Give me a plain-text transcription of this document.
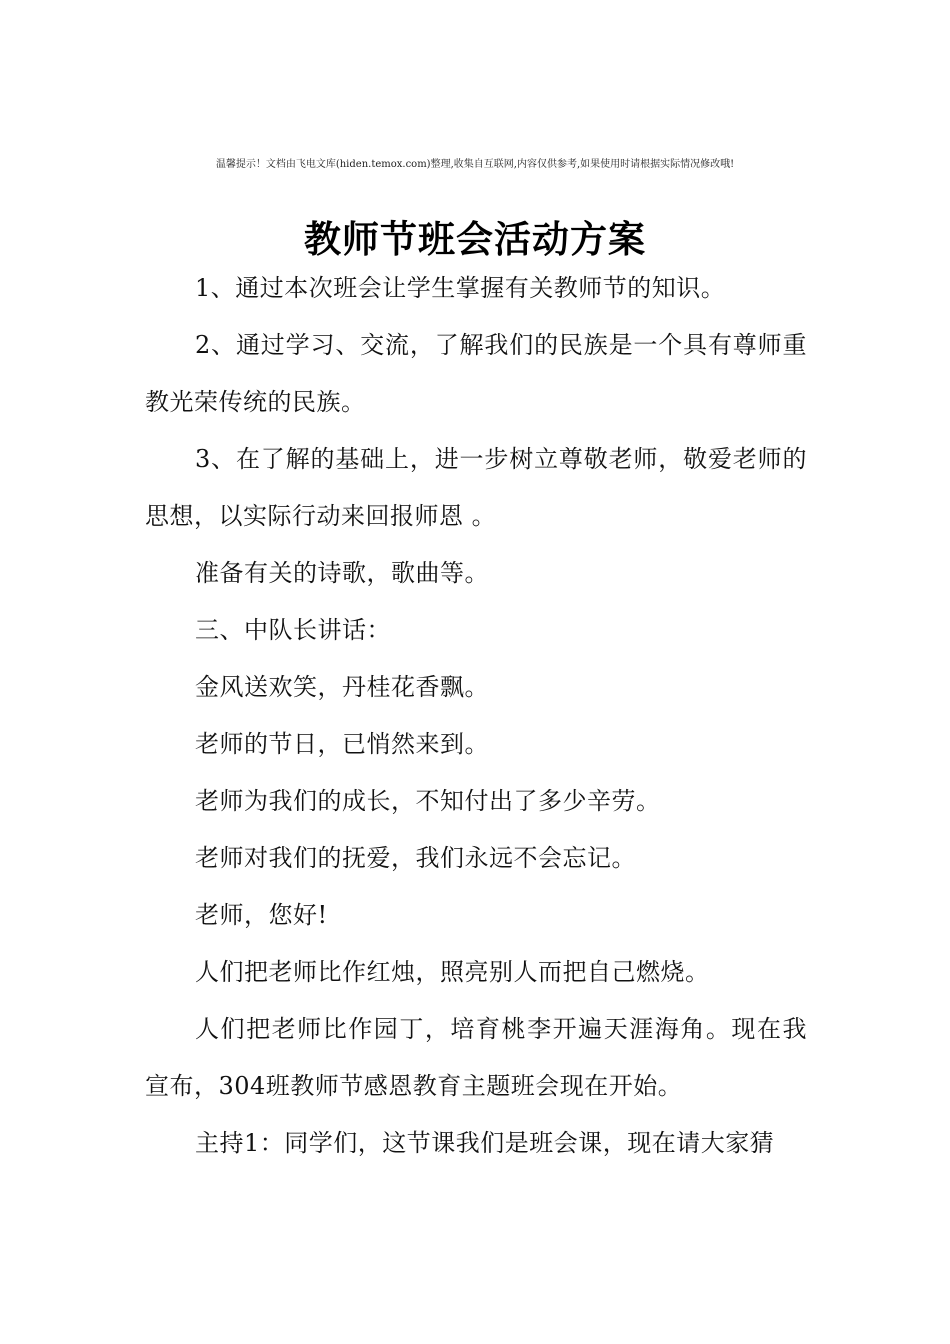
温馨提示！文档由飞电文库(hiden.temox.com)整理,收集自互联网,内容仅供参考,如果使用时请根据实际情况修改哦!
教师节班会活动方案

1、通过本次班会让学生掌握有关教师节的知识。

2、通过学习、交流，了解我们的民族是一个具有尊师重教光荣传统的民族。

3、在了解的基础上，进一步树立尊敬老师，敬爱老师的思想，以实际行动来回报师恩 。

准备有关的诗歌，歌曲等。

三、中队长讲话：

金风送欢笑，丹桂花香飘。

老师的节日，已悄然来到。

老师为我们的成长，不知付出了多少辛劳。

老师对我们的抚爱，我们永远不会忘记。

老师，您好!

人们把老师比作红烛，照亮别人而把自己燃烧。

人们把老师比作园丁，培育桃李开遍天涯海角。现在我宣布，304班教师节感恩教育主题班会现在开始。

主持1：同学们，这节课我们是班会课，现在请大家猜
